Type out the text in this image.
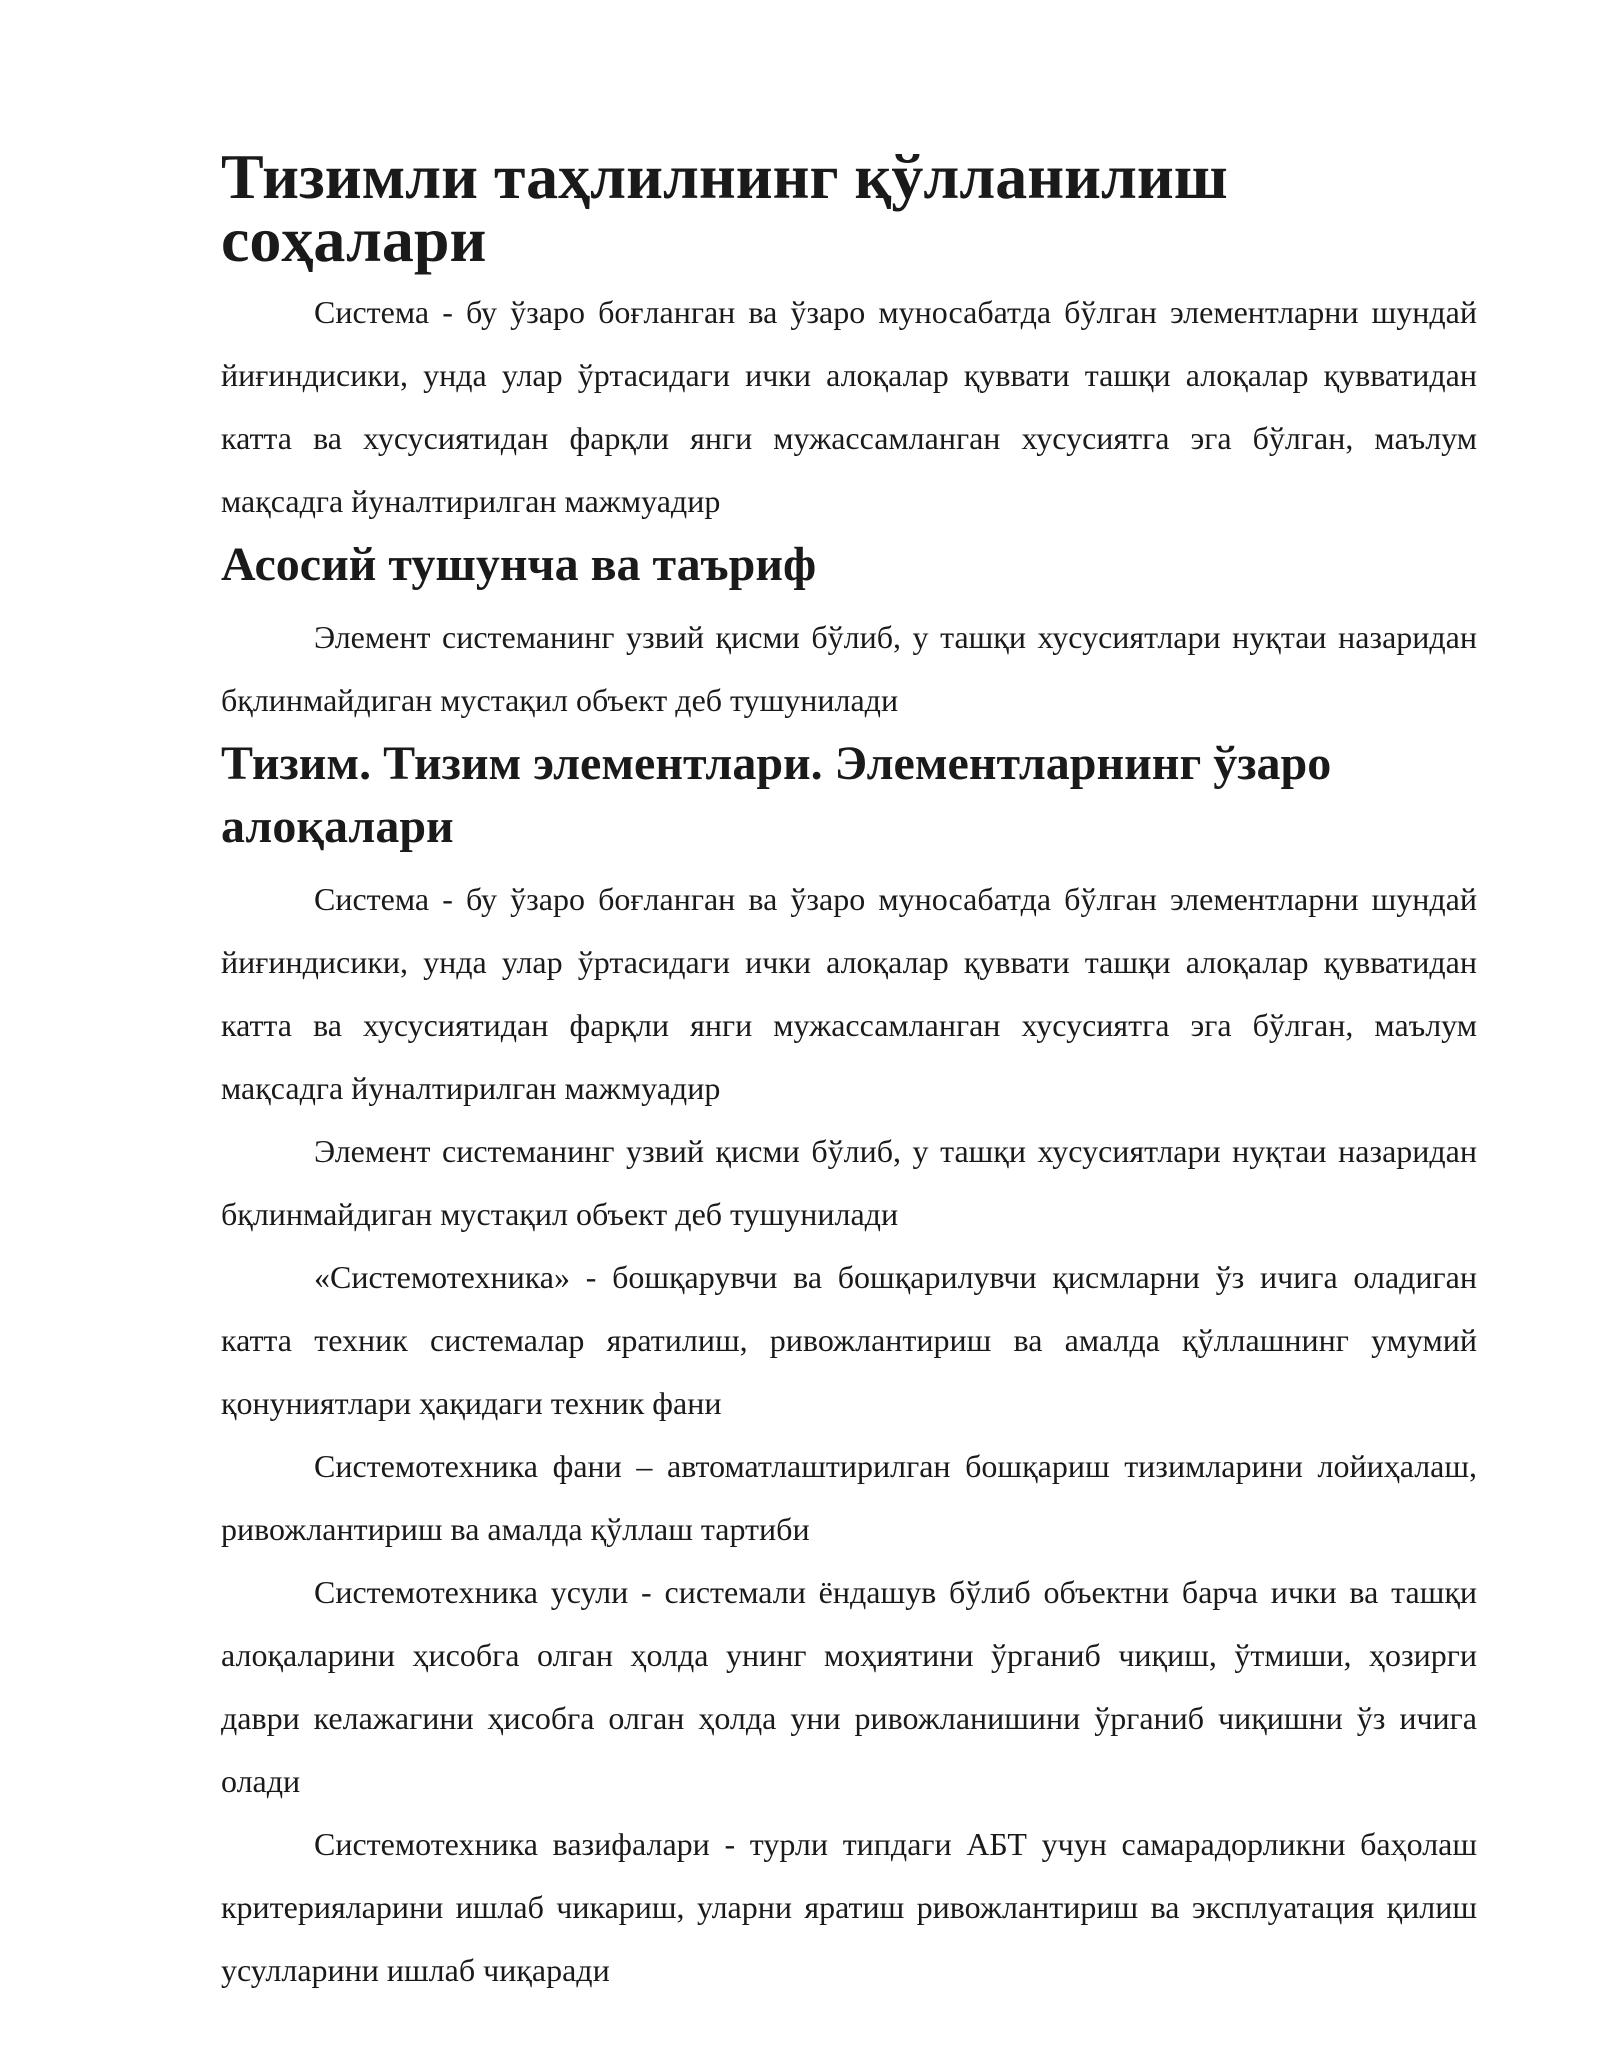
Тизимли таҳлилнинг қўлланилиш соҳалари

Система - бу ўзаро боғланган ва ўзаро муносабатда бўлган элементларни шундай йиғиндисики, унда улар ўртасидаги ички алоқалар қуввати ташқи алоқалар қувватидан катта ва хусусиятидан фарқли янги мужассамланган хусусиятга эга бўлган, маълум мақсадга йуналтирилган мажмуадир

Асосий тушунча ва таъриф

Элемент системанинг узвий қисми бўлиб, у ташқи хусусиятлари нуқтаи назаридан бқлинмайдиган мустақил объект деб тушунилади

Тизим. Тизим элементлари. Элементларнинг ўзаро алоқалари

Система - бу ўзаро боғланган ва ўзаро муносабатда бўлган элементларни шундай йиғиндисики, унда улар ўртасидаги ички алоқалар қуввати ташқи алоқалар қувватидан катта ва хусусиятидан фарқли янги мужассамланган хусусиятга эга бўлган, маълум мақсадга йуналтирилган мажмуадир

Элемент системанинг узвий қисми бўлиб, у ташқи хусусиятлари нуқтаи назаридан бқлинмайдиган мустақил объект деб тушунилади

«Системотехника» - бошқарувчи ва бошқарилувчи қисмларни ўз ичига оладиган катта техник системалар яратилиш, ривожлантириш ва амалда қўллашнинг умумий қонуниятлари ҳақидаги техник фани

Системотехника фани – автоматлаштирилган бошқариш тизимларини лойиҳалаш, ривожлантириш ва амалда қўллаш тартиби

Системотехника усули - системали ёндашув бўлиб объектни барча ички ва ташқи алоқаларини ҳисобга олган ҳолда унинг моҳиятини ўрганиб чиқиш, ўтмиши, ҳозирги даври келажагини ҳисобга олган ҳолда уни ривожланишини ўрганиб чиқишни ўз ичига олади

Системотехника вазифалари - турли типдаги АБТ учун самарадорликни баҳолаш критерияларини ишлаб чикариш, уларни яратиш ривожлантириш ва эксплуатация қилиш усулларини ишлаб чиқаради
